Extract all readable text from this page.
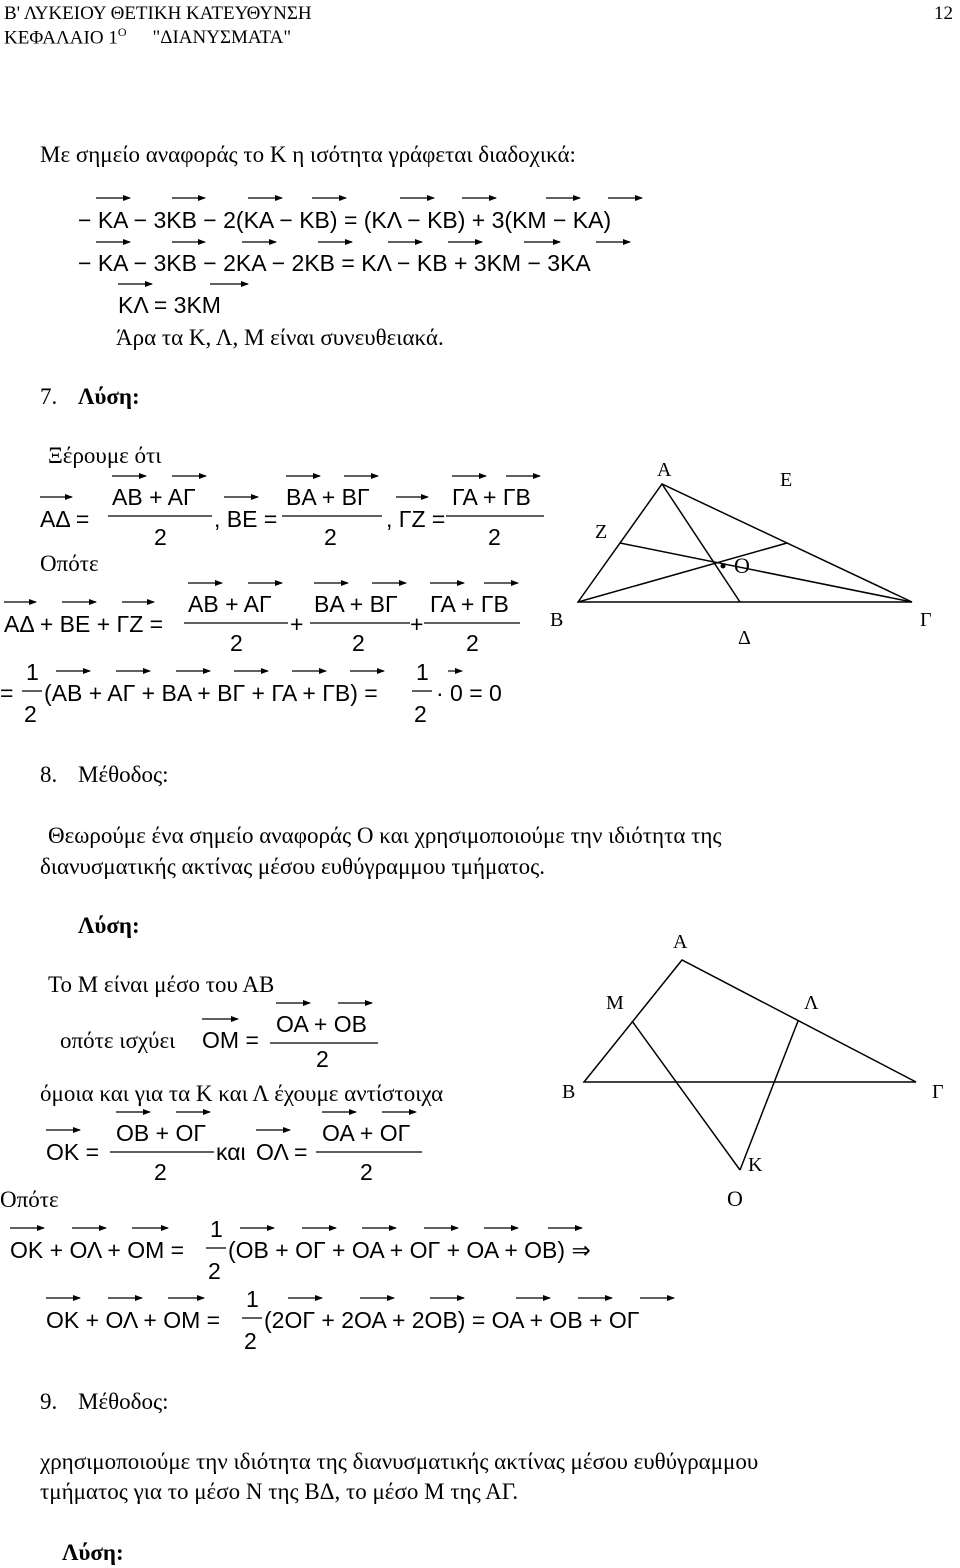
Β' ΛΥΚΕΙΟΥ ΘΕΤΙΚΗ ΚΑΤΕΥΘΥΝΣΗ
ΚΕΦΑΛΑΙΟ $1^O$ "ΔΙΑΝΥΣΜΑΤΑ"
12
Με σημείο αναφοράς το Κ η ισότητα γράφεται διαδοχικά:
− ΚΑ − 3ΚΒ − 2(ΚΑ − ΚΒ) = (ΚΛ − ΚΒ) + 3(ΚΜ − ΚΑ)
− ΚΑ − 3ΚΒ − 2ΚΑ − 2ΚΒ = ΚΛ − ΚΒ + 3ΚΜ − 3ΚΑ
ΚΛ = 3ΚΜ
ΑΔ =
ΑΒ + ΑΓ
2
, ΒΕ =
ΒΑ + ΒΓ
2
, ΓΖ =
ΓΑ + ΓΒ
2
ΑΔ + ΒΕ + ΓΖ =
ΑΒ + ΑΓ
2
+
ΒΑ + ΒΓ
2
+
ΓΑ + ΓΒ
2
=
1
2
(ΑΒ + ΑΓ + ΒΑ + ΒΓ + ΓΑ + ΓΒ) =
1
2
· 0 = 0
ΟΜ =
ΟΑ + ΟΒ
2
ΟΚ =
ΟΒ + ΟΓ
2
και ΟΛ =
ΟΑ + ΟΓ
2
ΟΚ + ΟΛ + ΟΜ =
1
2
(ΟΒ + ΟΓ + ΟΑ + ΟΓ + ΟΑ + ΟΒ) ⇒
ΟΚ + ΟΛ + ΟΜ =
1
2
(2ΟΓ + 2ΟΑ + 2ΟΒ) = ΟΑ + ΟΒ + ΟΓ
Άρα τα Κ, Λ, Μ είναι συνευθειακά.
7. Λύση:
Ξέρουμε ότι
Οπότε
Α	Ε
Ζ
Ο
Β
Δ
Γ
8. Μέθοδος:
Θεωρούμε ένα σημείο αναφοράς Ο και χρησιμοποιούμε την ιδιότητα της
διανυσματικής ακτίνας μέσου ευθύγραμμου τμήματος.
Λύση:
Το Μ είναι μέσο του ΑΒ
οπότε ισχύει
όμοια και για τα Κ και Λ έχουμε αντίστοιχα
Οπότε
Α
Μ	Λ
Β	Γ
Κ
Ο
9. Μέθοδος:
χρησιμοποιούμε την ιδιότητα της διανυσματικής ακτίνας μέσου ευθύγραμμου
τμήματος για το μέσο Ν της ΒΔ, το μέσο Μ της ΑΓ.
Λύση:
